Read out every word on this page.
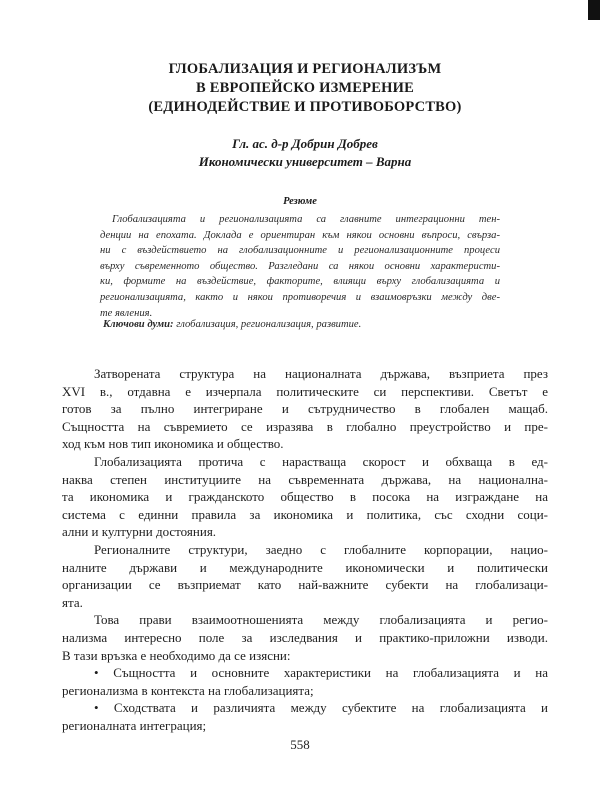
ГЛОБАЛИЗАЦИЯ И РЕГИОНАЛИЗЪМ
В ЕВРОПЕЙСКО ИЗМЕРЕНИЕ
(ЕДИНОДЕЙСТВИЕ И ПРОТИВОБОРСТВО)
Гл. ас. д-р Добрин Добрев
Икономически университет – Варна
Резюме
Глобализацията и регионализацията са главните интеграционни тен-
денции на епохата. Доклада е ориентиран към някои основни въпроси, свърза-
ни с въздействието на глобализационните и регионализационните процеси
върху съвременното общество. Разгледани са някои основни характеристи-
ки, формите на въздействие, факторите, влиящи върху глобализацията и
регионализацията, както и някои противоречия и взаимовръзки между двe-
те явления.
Ключови думи: глобализация, регионализация, развитие.
Затворената структура на националната държава, възприета през
XVI в., отдавна е изчерпала политическите си перспективи. Светът е
готов за пълно интегриране и сътрудничество в глобален мащаб.
Същността на съвремието се изразява в глобално преустройство и пре-
ход към нов тип икономика и общество.
Глобализацията протича с нарастваща скорост и обхваща в ед-
наква степен институциите на съвременната държава, на национална-
та икономика и гражданското общество в посока на изграждане на
система с единни правила за икономика и политика, със сходни соци-
ални и културни достояния.
Регионалните структури, заедно с глобалните корпорации, нацио-
налните държави и международните икономически и политически
организации се възприемат като най-важните субекти на глобализаци-
ята.
Това прави взаимоотношенията между глобализацията и регио-
нализма интересно поле за изследвания и практико-приложни изводи.
В тази връзка е необходимо да се изясни:
• Същността и основните характеристики на глобализацията и на
регионализма в контекста на глобализацията;
• Сходствата и различията между субектите на глобализацията и
регионалната интеграция;
558
